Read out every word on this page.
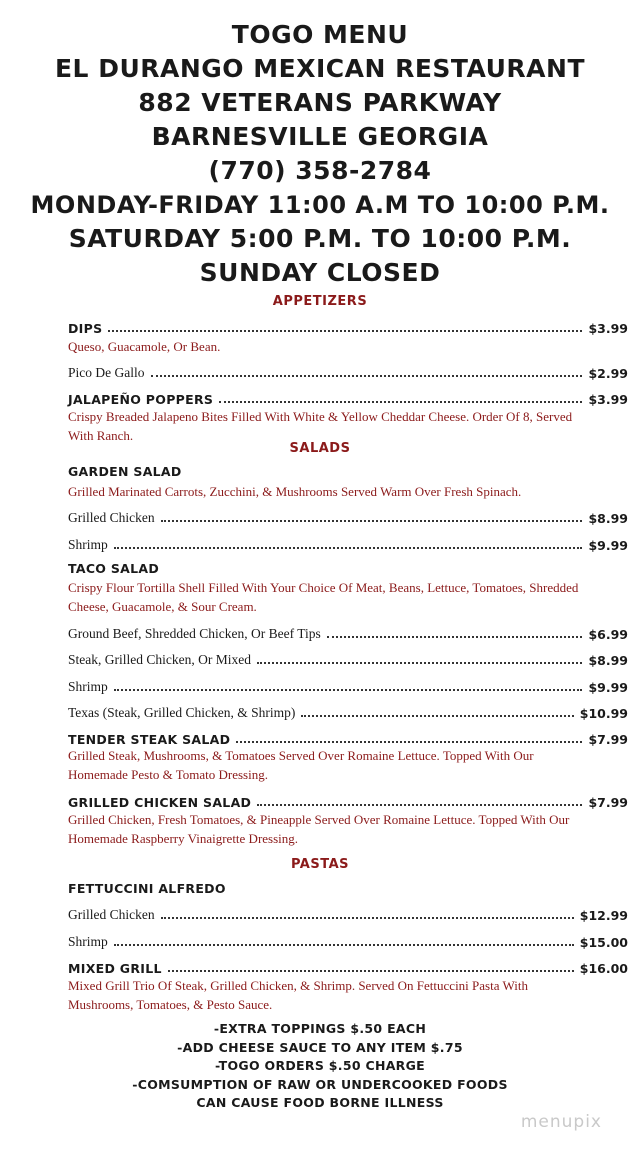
TOGO MENU
EL DURANGO MEXICAN RESTAURANT
882 VETERANS PARKWAY
BARNESVILLE GEORGIA
(770) 358-2784
MONDAY-FRIDAY 11:00 A.M TO 10:00 P.M.
SATURDAY 5:00 P.M. TO 10:00 P.M.
SUNDAY CLOSED
APPETIZERS
DIPS	$3.99
Queso, Guacamole, Or Bean.
Pico De Gallo	$2.99
JALAPEÑO POPPERS	$3.99
Crispy Breaded Jalapeno Bites Filled With White & Yellow Cheddar Cheese. Order Of 8, Served With Ranch.
SALADS
GARDEN SALAD
Grilled Marinated Carrots, Zucchini, & Mushrooms Served Warm Over Fresh Spinach.
Grilled Chicken	$8.99
Shrimp	$9.99
TACO SALAD
Crispy Flour Tortilla Shell Filled With Your Choice Of Meat, Beans, Lettuce, Tomatoes, Shredded Cheese, Guacamole, & Sour Cream.
Ground Beef, Shredded Chicken, Or Beef Tips	$6.99
Steak, Grilled Chicken, Or Mixed	$8.99
Shrimp	$9.99
Texas (Steak, Grilled Chicken, & Shrimp)	$10.99
TENDER STEAK SALAD	$7.99
Grilled Steak, Mushrooms, & Tomatoes Served Over Romaine Lettuce. Topped With Our Homemade Pesto & Tomato Dressing.
GRILLED CHICKEN SALAD	$7.99
Grilled Chicken, Fresh Tomatoes, & Pineapple Served Over Romaine Lettuce. Topped With Our Homemade Raspberry Vinaigrette Dressing.
PASTAS
FETTUCCINI ALFREDO
Grilled Chicken	$12.99
Shrimp	$15.00
MIXED GRILL	$16.00
Mixed Grill Trio Of Steak, Grilled Chicken, & Shrimp. Served On Fettuccini Pasta With Mushrooms, Tomatoes, & Pesto Sauce.
-EXTRA TOPPINGS $.50 EACH
-ADD CHEESE SAUCE TO ANY ITEM $.75
-TOGO ORDERS $.50 CHARGE
-COMSUMPTION OF RAW OR UNDERCOOKED FOODS
CAN CAUSE FOOD BORNE ILLNESS
menupix
